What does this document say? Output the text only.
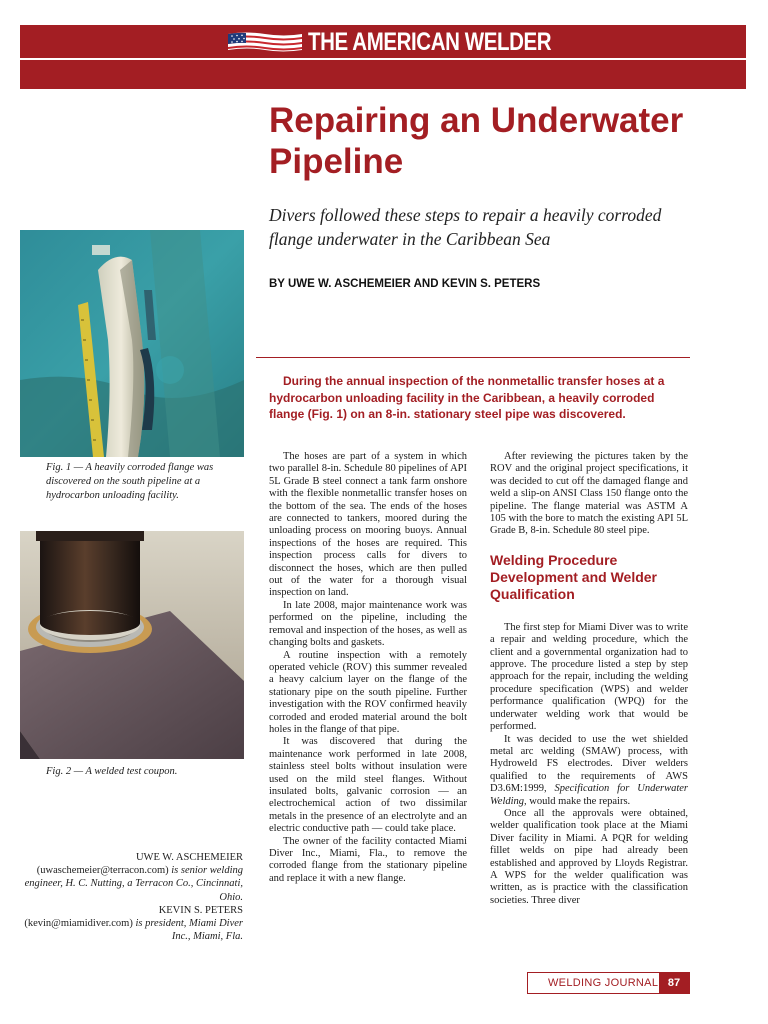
THE AMERICAN WELDER
Repairing an Underwater Pipeline
Divers followed these steps to repair a heavily corroded flange underwater in the Caribbean Sea
BY UWE W. ASCHEMEIER AND KEVIN S. PETERS
During the annual inspection of the nonmetallic transfer hoses at a hydrocarbon unloading facility in the Caribbean, a heavily corroded flange (Fig. 1) on an 8-in. stationary steel pipe was discovered.
Fig. 1 — A heavily corroded flange was discovered on the south pipeline at a hydrocarbon unloading facility.
Fig. 2 — A welded test coupon.
UWE W. ASCHEMEIER
(uwaschemeier@terracon.com) is senior welding engineer, H. C. Nutting, a Terracon Co., Cincinnati, Ohio.
KEVIN S. PETERS
(kevin@miamidiver.com) is president, Miami Diver Inc., Miami, Fla.

The hoses are part of a system in which two parallel 8-in. Schedule 80 pipelines of API 5L Grade B steel connect a tank farm onshore with the flexible nonmetallic transfer hoses on the bottom of the sea. The ends of the hoses are connected to tankers, moored during the unloading process on mooring buoys. Annual inspections of the hoses are required. This inspection process calls for divers to disconnect the hoses, which are then pulled out of the water for a thorough visual inspection on land.

In late 2008, major maintenance work was performed on the pipeline, including the removal and inspection of the hoses, as well as changing bolts and gaskets.

A routine inspection with a remotely operated vehicle (ROV) this summer revealed a heavy calcium layer on the flange of the stationary pipe on the south pipeline. Further investigation with the ROV confirmed heavily corroded and eroded material around the bolt holes in the flange of that pipe.

It was discovered that during the maintenance work performed in late 2008, stainless steel bolts without insulation were used on the mild steel flanges. Without insulated bolts, galvanic corrosion — an electrochemical action of two dissimilar metals in the presence of an electrolyte and an electric conductive path — could take place.

The owner of the facility contacted Miami Diver Inc., Miami, Fla., to remove the corroded flange from the stationary pipeline and replace it with a new flange.

After reviewing the pictures taken by the ROV and the original project specifications, it was decided to cut off the damaged flange and weld a slip-on ANSI Class 150 flange onto the pipeline. The flange material was ASTM A 105 with the bore to match the existing API 5L Grade B, 8-in. Schedule 80 steel pipe.

Welding Procedure Development and Welder Qualification

The first step for Miami Diver was to write a repair and welding procedure, which the client and a governmental organization had to approve. The procedure listed a step by step approach for the repair, including the welding procedure specification (WPS) and welder performance qualification (WPQ) for the underwater welding work that would be performed.

It was decided to use the wet shielded metal arc welding (SMAW) process, with Hydroweld FS electrodes. Diver welders qualified to the requirements of AWS D3.6M:1999, Specification for Underwater Welding, would make the repairs.

Once all the approvals were obtained, welder qualification took place at the Miami Diver facility in Miami. A PQR for welding fillet welds on pipe had already been established and approved by Lloyds Registrar. A WPS for the welder qualification was written, as is practice with the classification societies. Three diver

WELDING JOURNAL 87
